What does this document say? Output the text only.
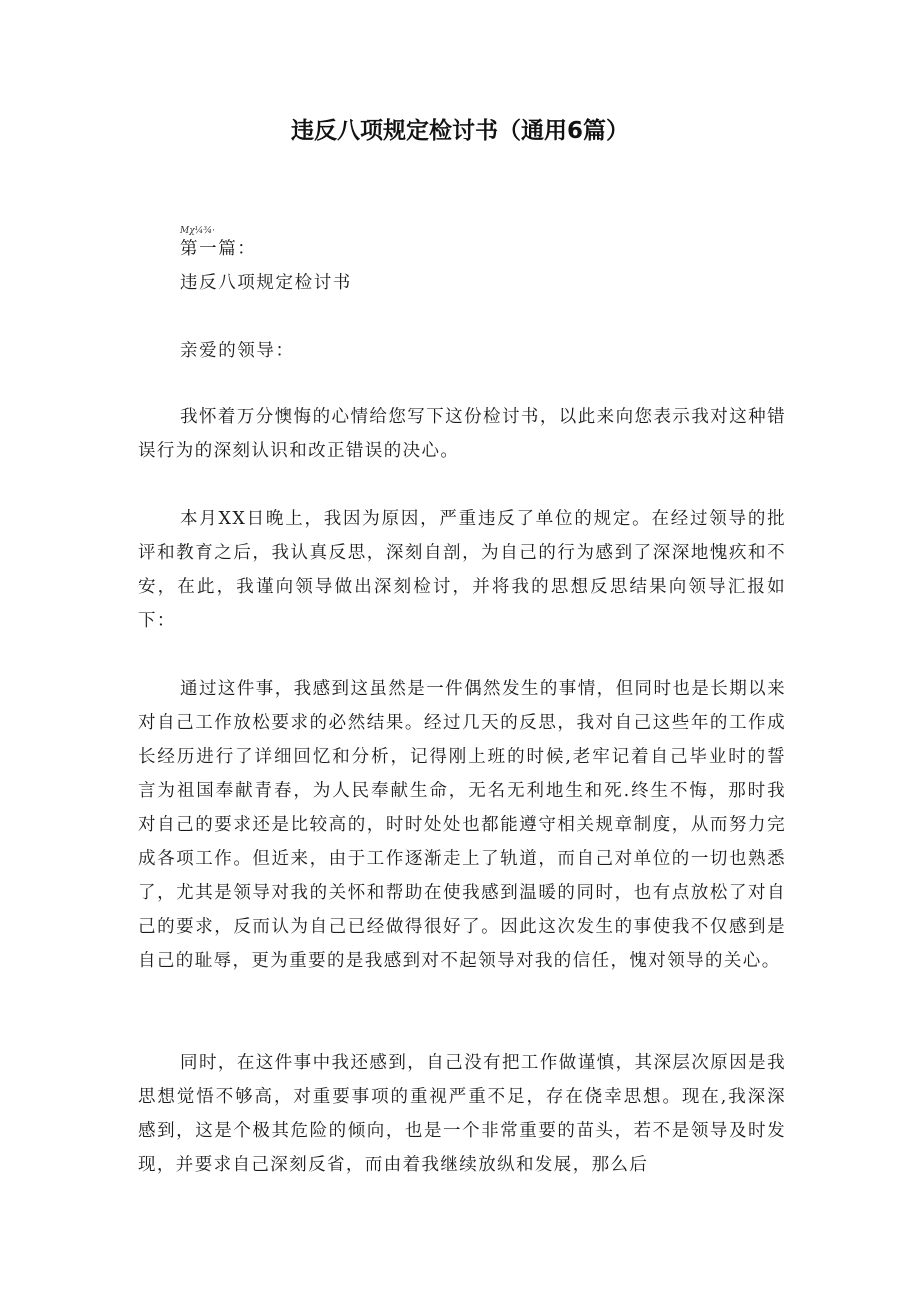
违反八项规定检讨书（通用6篇）
Mχ¼¾·
第一篇：
违反八项规定检讨书
亲爱的领导：
我怀着万分懊悔的心情给您写下这份检讨书，以此来向您表示我对这种错误行为的深刻认识和改正错误的决心。
本月XX日晚上，我因为原因，严重违反了单位的规定。在经过领导的批评和教育之后，我认真反思，深刻自剖，为自己的行为感到了深深地愧疚和不安，在此，我谨向领导做出深刻检讨，并将我的思想反思结果向领导汇报如下：
通过这件事，我感到这虽然是一件偶然发生的事情，但同时也是长期以来对自己工作放松要求的必然结果。经过几天的反思，我对自己这些年的工作成长经历进行了详细回忆和分析，记得刚上班的时候,老牢记着自己毕业时的誓言为祖国奉献青春，为人民奉献生命，无名无利地生和死.终生不悔，那时我对自己的要求还是比较高的，时时处处也都能遵守相关规章制度，从而努力完成各项工作。但近来，由于工作逐渐走上了轨道，而自己对单位的一切也熟悉了，尤其是领导对我的关怀和帮助在使我感到温暖的同时，也有点放松了对自己的要求，反而认为自己已经做得很好了。因此这次发生的事使我不仅感到是自己的耻辱，更为重要的是我感到对不起领导对我的信任，愧对领导的关心。
同时，在这件事中我还感到，自己没有把工作做谨慎，其深层次原因是我思想觉悟不够高，对重要事项的重视严重不足，存在侥幸思想。现在,我深深感到，这是个极其危险的倾向，也是一个非常重要的苗头，若不是领导及时发现，并要求自己深刻反省，而由着我继续放纵和发展，那么后
